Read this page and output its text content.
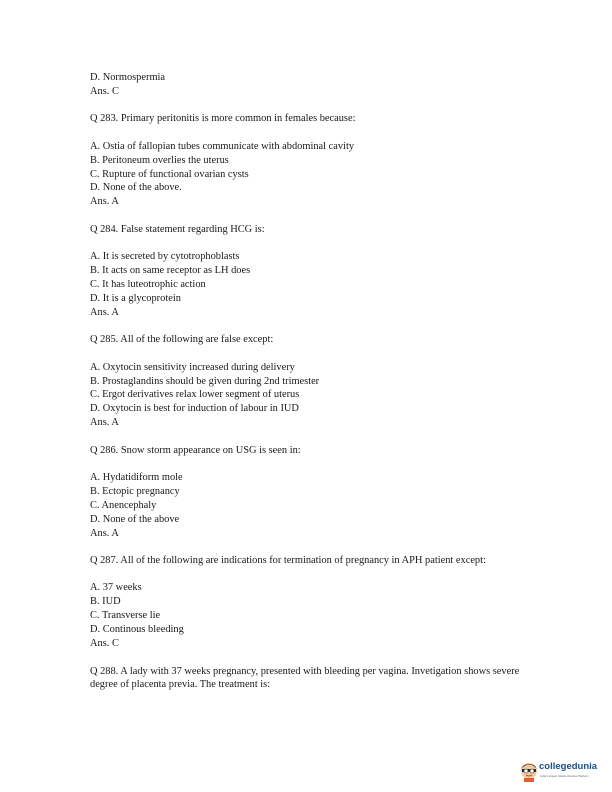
D. Normospermia
Ans. C
Q 283. Primary peritonitis is more common in females because:
A. Ostia of fallopian tubes communicate with abdominal cavity
B. Peritoneum overlies the uterus
C. Rupture of functional ovarian cysts
D. None of the above.
Ans. A
Q 284. False statement regarding HCG is:
A. It is secreted by cytotrophoblasts
B. It acts on same receptor as LH does
C. It has luteotrophic action
D. It is a glycoprotein
Ans. A
Q 285. All of the following are false except:
A. Oxytocin sensitivity increased during delivery
B. Prostaglandins should be given during 2nd trimester
C. Ergot derivatives relax lower segment of uterus
D. Oxytocin is best for induction of labour in IUD
Ans. A
Q 286. Snow storm appearance on USG is seen in:
A. Hydatidiform mole
B. Ectopic pregnancy
C. Anencephaly
D. None of the above
Ans. A
Q 287. All of the following are indications for termination of pregnancy in APH patient except:
A. 37 weeks
B. IUD
C. Transverse lie
D. Continous bleeding
Ans. C
Q 288. A lady with 37 weeks pregnancy, presented with bleeding per vagina. Invetigation shows severe degree of placenta previa. The treatment is:
collegedunia
India's largest Student Review Platform
